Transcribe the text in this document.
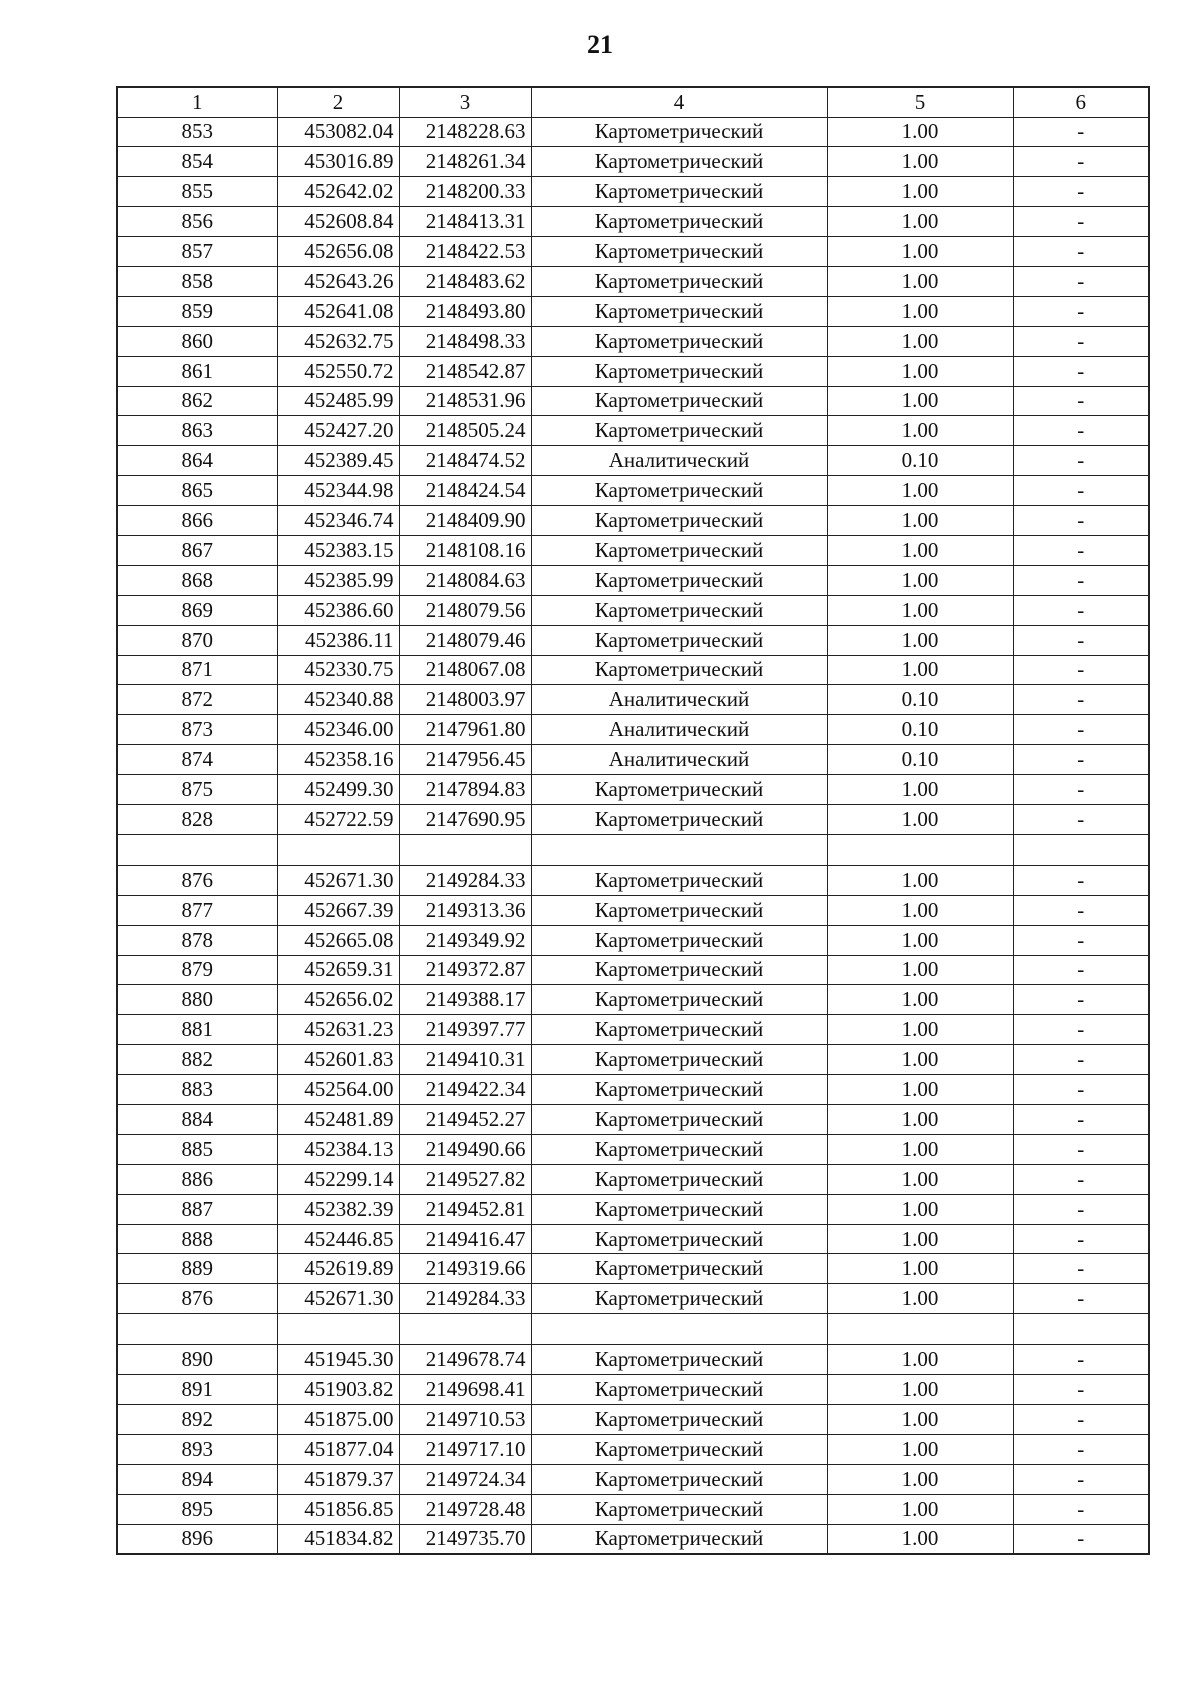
21
1	2	3	4	5	6
853	453082.04	2148228.63	Картометрический	1.00	-
854	453016.89	2148261.34	Картометрический	1.00	-
855	452642.02	2148200.33	Картометрический	1.00	-
856	452608.84	2148413.31	Картометрический	1.00	-
857	452656.08	2148422.53	Картометрический	1.00	-
858	452643.26	2148483.62	Картометрический	1.00	-
859	452641.08	2148493.80	Картометрический	1.00	-
860	452632.75	2148498.33	Картометрический	1.00	-
861	452550.72	2148542.87	Картометрический	1.00	-
862	452485.99	2148531.96	Картометрический	1.00	-
863	452427.20	2148505.24	Картометрический	1.00	-
864	452389.45	2148474.52	Аналитический	0.10	-
865	452344.98	2148424.54	Картометрический	1.00	-
866	452346.74	2148409.90	Картометрический	1.00	-
867	452383.15	2148108.16	Картометрический	1.00	-
868	452385.99	2148084.63	Картометрический	1.00	-
869	452386.60	2148079.56	Картометрический	1.00	-
870	452386.11	2148079.46	Картометрический	1.00	-
871	452330.75	2148067.08	Картометрический	1.00	-
872	452340.88	2148003.97	Аналитический	0.10	-
873	452346.00	2147961.80	Аналитический	0.10	-
874	452358.16	2147956.45	Аналитический	0.10	-
875	452499.30	2147894.83	Картометрический	1.00	-
828	452722.59	2147690.95	Картометрический	1.00	-

876	452671.30	2149284.33	Картометрический	1.00	-
877	452667.39	2149313.36	Картометрический	1.00	-
878	452665.08	2149349.92	Картометрический	1.00	-
879	452659.31	2149372.87	Картометрический	1.00	-
880	452656.02	2149388.17	Картометрический	1.00	-
881	452631.23	2149397.77	Картометрический	1.00	-
882	452601.83	2149410.31	Картометрический	1.00	-
883	452564.00	2149422.34	Картометрический	1.00	-
884	452481.89	2149452.27	Картометрический	1.00	-
885	452384.13	2149490.66	Картометрический	1.00	-
886	452299.14	2149527.82	Картометрический	1.00	-
887	452382.39	2149452.81	Картометрический	1.00	-
888	452446.85	2149416.47	Картометрический	1.00	-
889	452619.89	2149319.66	Картометрический	1.00	-
876	452671.30	2149284.33	Картометрический	1.00	-

890	451945.30	2149678.74	Картометрический	1.00	-
891	451903.82	2149698.41	Картометрический	1.00	-
892	451875.00	2149710.53	Картометрический	1.00	-
893	451877.04	2149717.10	Картометрический	1.00	-
894	451879.37	2149724.34	Картометрический	1.00	-
895	451856.85	2149728.48	Картометрический	1.00	-
896	451834.82	2149735.70	Картометрический	1.00	-
